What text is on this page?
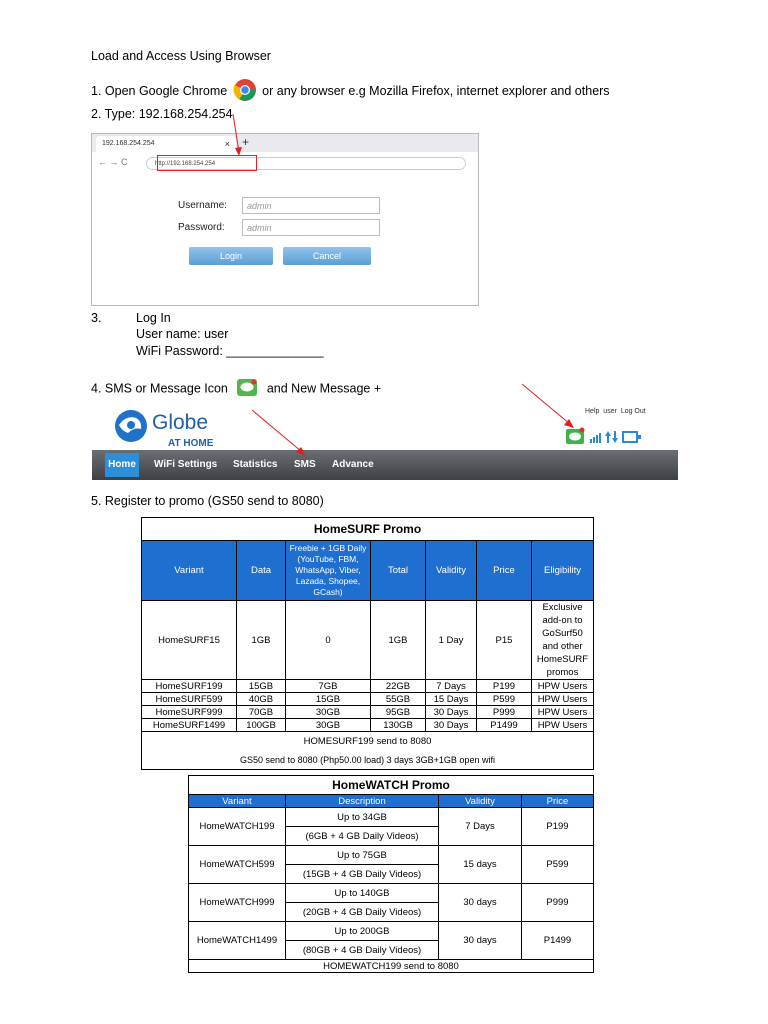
Load and Access Using Browser
1. Open Google Chrome	or any browser e.g Mozilla Firefox, internet explorer and others
2. Type: 192.168.254.254
192.168.254.254	× +
← → C	http://192.168.254.254
Username:	admin
Password:	admin
Login	Cancel
3.	Log In
User name: user
WiFi Password: ______________
4. SMS or Message Icon	and New Message +
Globe
AT HOME
Help user Log Out
Home	WiFi Settings Statistics SMS Advance
5. Register to promo (GS50 send to 8080)
HomeSURF Promo						
Variant	Data	Freebie + 1GB Daily (YouTube, FBM, WhatsApp, Viber, Lazada, Shopee, GCash)	Total	Validity	Price	Eligibility
HomeSURF15	1GB	0	1GB	1 Day	P15	Exclusive add-on to GoSurf50 and other HomeSURF promos
HomeSURF199	15GB	7GB	22GB	7 Days	P199	HPW Users
HomeSURF599	40GB	15GB	55GB	15 Days	P599	HPW Users
HomeSURF999	70GB	30GB	95GB	30 Days	P999	HPW Users
HomeSURF1499	100GB	30GB	130GB	30 Days	P1499	HPW Users

HOMESURF199 send to 8080
GS50 send to 8080 (Php50.00 load) 3 days 3GB+1GB open wifi						
HomeWATCH Promo			
Variant	Description	Validity	Price
HomeWATCH199	Up to 34GB	7 Days	P199
	(6GB + 4 GB Daily Videos)		
HomeWATCH599	Up to 75GB	15 days	P599
	(15GB + 4 GB Daily Videos)		
HomeWATCH999	Up to 140GB	30 days	P999
	(20GB + 4 GB Daily Videos)		
HomeWATCH1499	Up to 200GB	30 days	P1499
	(80GB + 4 GB Daily Videos)		
HOMEWATCH199 send to 8080			
